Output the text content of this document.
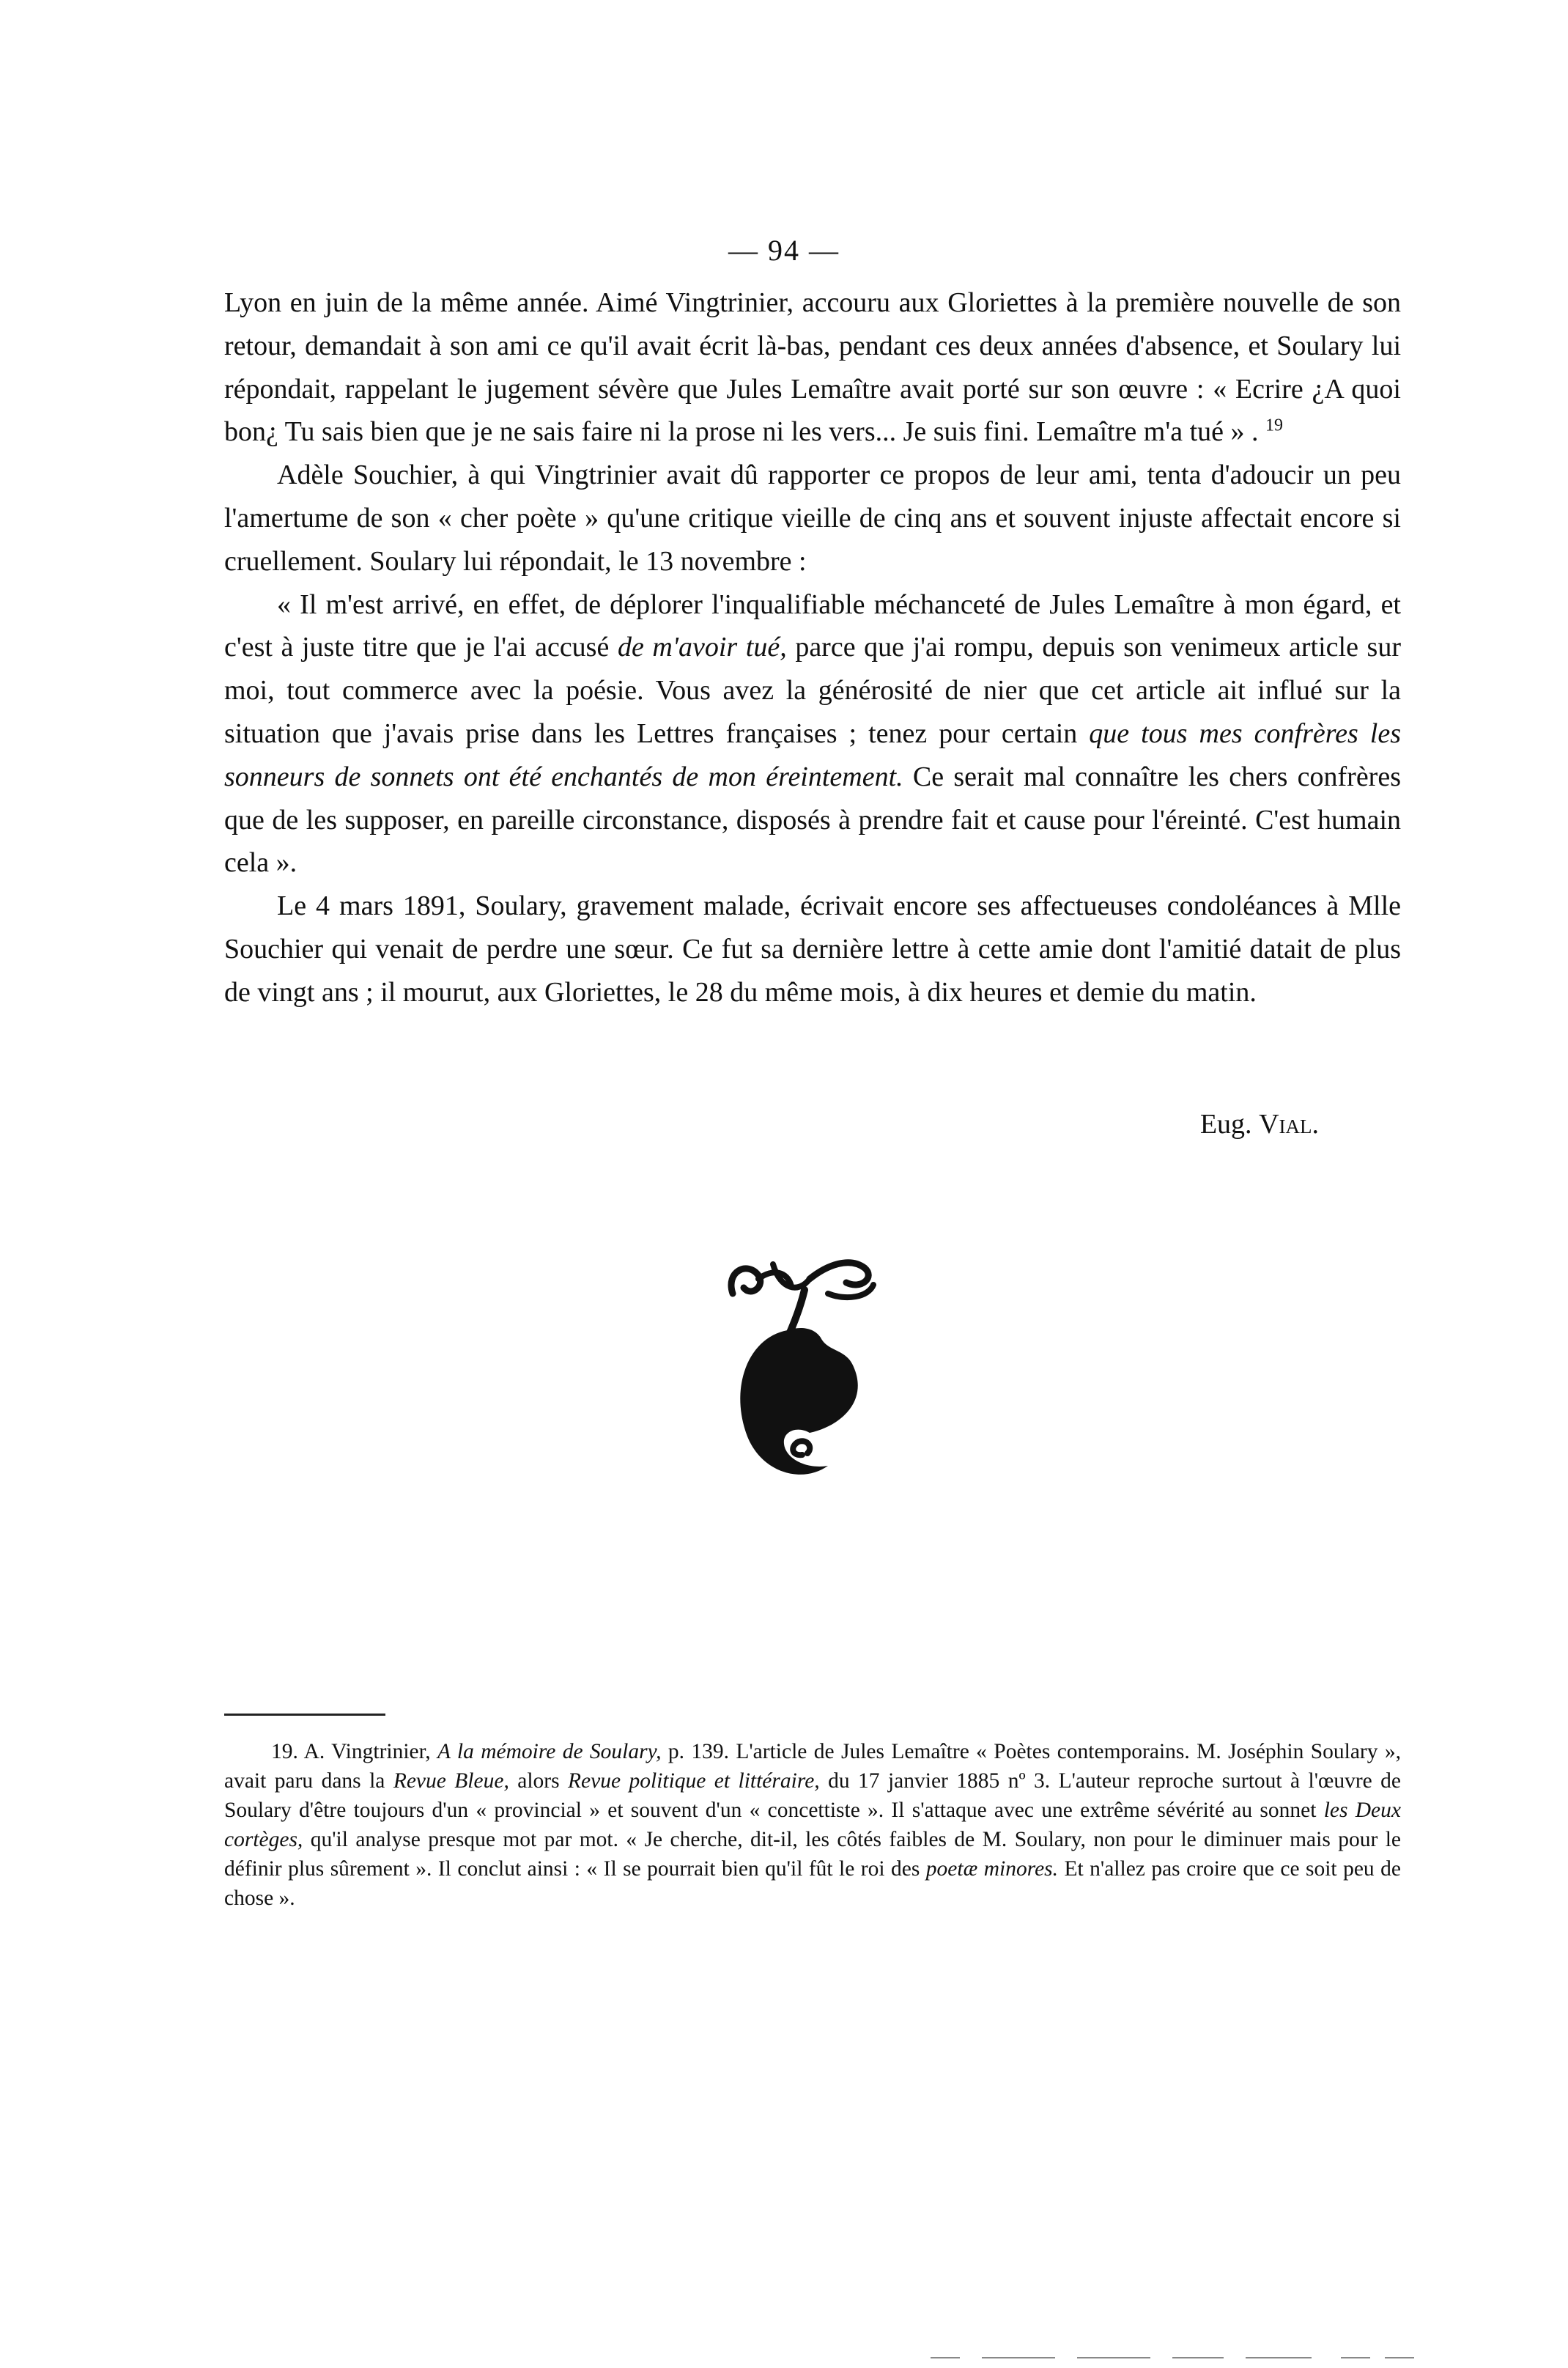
— 94 —

Lyon en juin de la même année. Aimé Vingtrinier, accouru aux Gloriettes à la première nouvelle de son retour, demandait à son ami ce qu'il avait écrit là-bas, pendant ces deux années d'absence, et Soulary lui répondait, rappelant le jugement sévère que Jules Lemaître avait porté sur son œuvre : « Ecrire ¿A quoi bon¿ Tu sais bien que je ne sais faire ni la prose ni les vers... Je suis fini. Lemaître m'a tué » . $^{19}$

Adèle Souchier, à qui Vingtrinier avait dû rapporter ce propos de leur ami, tenta d'adoucir un peu l'amertume de son « cher poète » qu'une critique vieille de cinq ans et souvent injuste affectait encore si cruellement. Soulary lui répondait, le 13 novembre :

« Il m'est arrivé, en effet, de déplorer l'inqualifiable méchanceté de Jules Lemaître à mon égard, et c'est à juste titre que je l'ai accusé de m'avoir tué, parce que j'ai rompu, depuis son venimeux article sur moi, tout commerce avec la poésie. Vous avez la générosité de nier que cet article ait influé sur la situation que j'avais prise dans les Lettres françaises ; tenez pour certain que tous mes confrères les sonneurs de sonnets ont été enchantés de mon éreintement. Ce serait mal connaître les chers confrères que de les supposer, en pareille circonstance, disposés à prendre fait et cause pour l'éreinté. C'est humain cela ».

Le 4 mars 1891, Soulary, gravement malade, écrivait encore ses affectueuses condoléances à Mlle Souchier qui venait de perdre une sœur. Ce fut sa dernière lettre à cette amie dont l'amitié datait de plus de vingt ans ; il mourut, aux Gloriettes, le 28 du même mois, à dix heures et demie du matin.

Eug. Vial.

19. A. Vingtrinier, A la mémoire de Soulary, p. 139. L'article de Jules Lemaître « Poètes contemporains. M. Joséphin Soulary », avait paru dans la Revue Bleue, alors Revue politique et littéraire, du 17 janvier 1885 nº 3. L'auteur reproche surtout à l'œuvre de Soulary d'être toujours d'un « provincial » et souvent d'un « concettiste ». Il s'attaque avec une extrême sévérité au sonnet les Deux cortèges, qu'il analyse presque mot par mot. « Je cherche, dit-il, les côtés faibles de M. Soulary, non pour le diminuer mais pour le définir plus sûrement ». Il conclut ainsi : « Il se pourrait bien qu'il fût le roi des poetæ minores. Et n'allez pas croire que ce soit peu de chose ».
